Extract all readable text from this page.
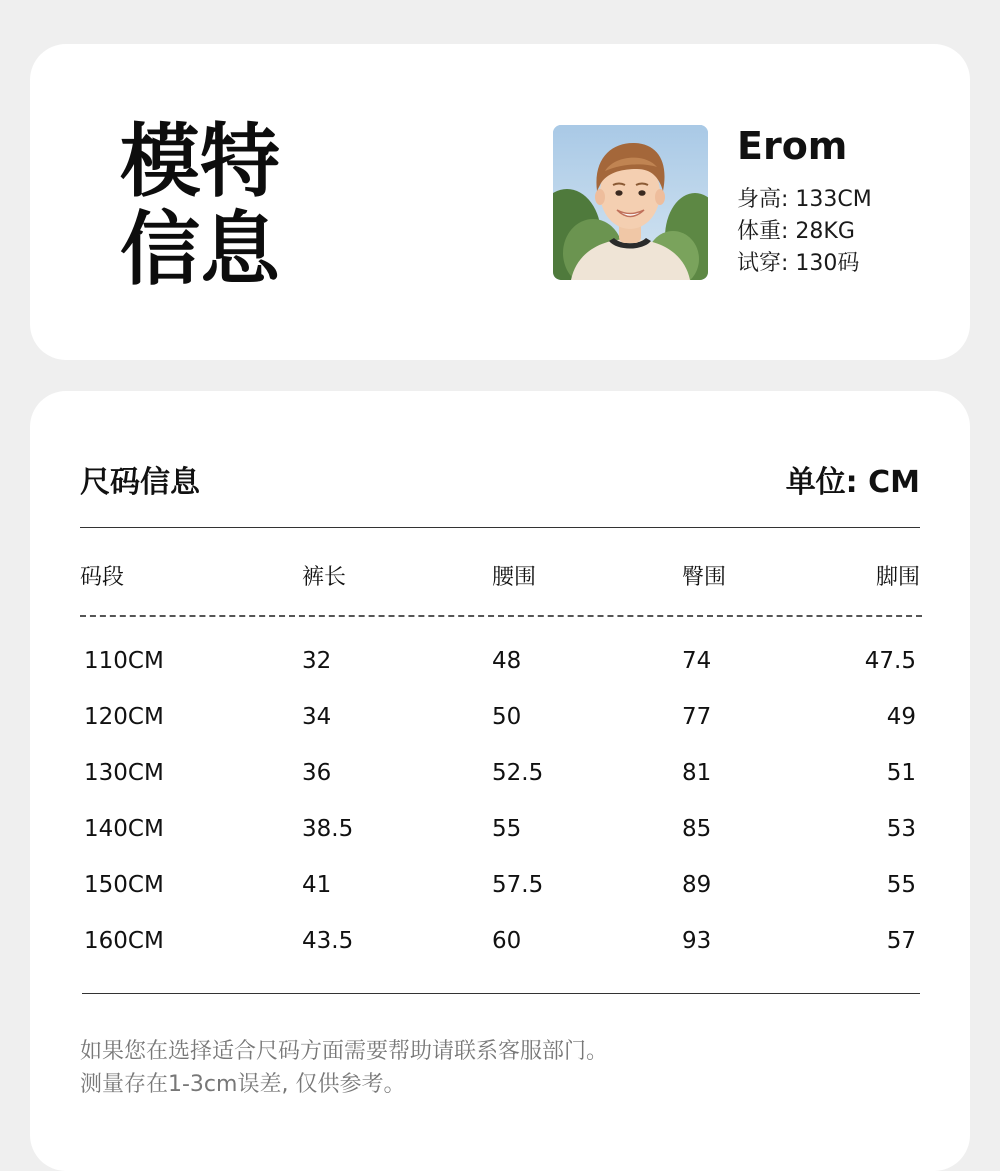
模特
信息
Erom
身高: 133CM
体重: 28KG
试穿: 130码
尺码信息	单位: CM
码段	裤长	腰围	臀围	脚围
110CM	32	48	74	47.5
120CM	34	50	77	49
130CM	36	52.5	81	51
140CM	38.5	55	85	53
150CM	41	57.5	89	55
160CM	43.5	60	93	57
如果您在选择适合尺码方面需要帮助请联系客服部门。
测量存在1-3cm误差, 仅供参考。
